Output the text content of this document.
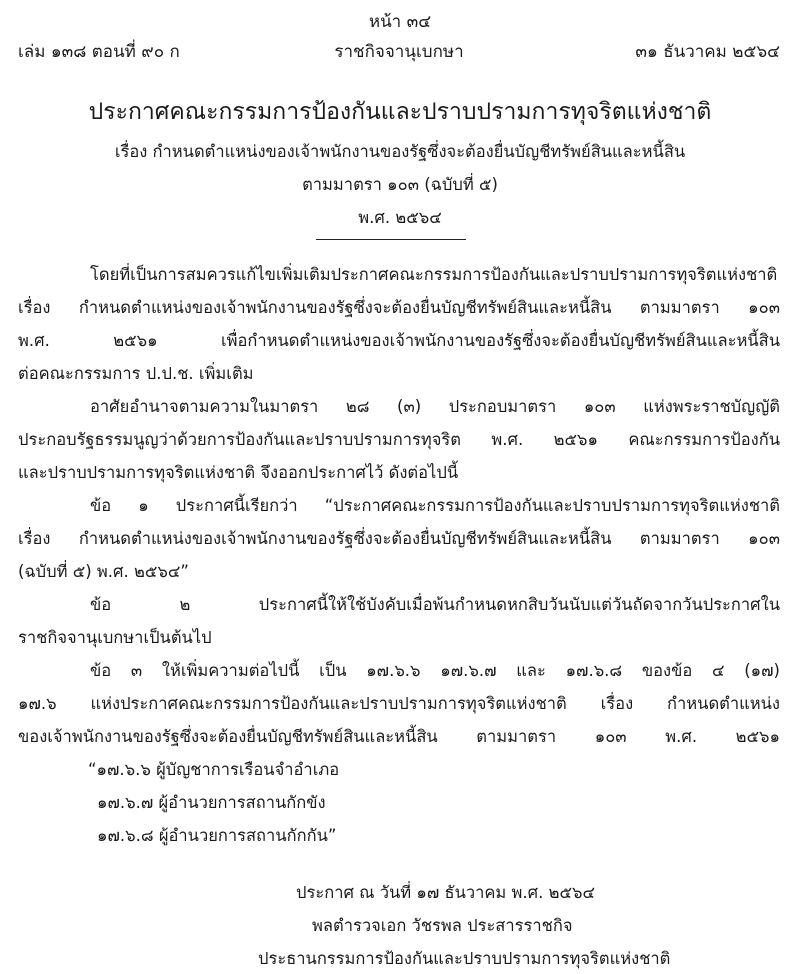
หน้า ๓๔
เล่ม ๑๓๘ ตอนที่ ๙๐ ก	ราชกิจจานุเบกษา	๓๑ ธันวาคม ๒๕๖๔
ประกาศคณะกรรมการป้องกันและปราบปรามการทุจริตแห่งชาติ
เรื่อง กำหนดตำแหน่งของเจ้าพนักงานของรัฐซึ่งจะต้องยื่นบัญชีทรัพย์สินและหนี้สิน
ตามมาตรา ๑๐๓ (ฉบับที่ ๕)
พ.ศ. ๒๕๖๔
โดยที่เป็นการสมควรแก้ไขเพิ่มเติมประกาศคณะกรรมการป้องกันและปราบปรามการทุจริตแห่งชาติ
เรื่อง กำหนดตำแหน่งของเจ้าพนักงานของรัฐซึ่งจะต้องยื่นบัญชีทรัพย์สินและหนี้สิน ตามมาตรา ๑๐๓
พ.ศ. ๒๕๖๑ เพื่อกำหนดตำแหน่งของเจ้าพนักงานของรัฐซึ่งจะต้องยื่นบัญชีทรัพย์สินและหนี้สิน
ต่อคณะกรรมการ ป.ป.ช. เพิ่มเติม
อาศัยอำนาจตามความในมาตรา ๒๘ (๓) ประกอบมาตรา ๑๐๓ แห่งพระราชบัญญัติ
ประกอบรัฐธรรมนูญว่าด้วยการป้องกันและปราบปรามการทุจริต พ.ศ. ๒๕๖๑ คณะกรรมการป้องกัน
และปราบปรามการทุจริตแห่งชาติ จึงออกประกาศไว้ ดังต่อไปนี้
ข้อ ๑ ประกาศนี้เรียกว่า “ประกาศคณะกรรมการป้องกันและปราบปรามการทุจริตแห่งชาติ
เรื่อง กำหนดตำแหน่งของเจ้าพนักงานของรัฐซึ่งจะต้องยื่นบัญชีทรัพย์สินและหนี้สิน ตามมาตรา ๑๐๓
(ฉบับที่ ๕) พ.ศ. ๒๕๖๔”
ข้อ ๒ ประกาศนี้ให้ใช้บังคับเมื่อพ้นกำหนดหกสิบวันนับแต่วันถัดจากวันประกาศใน
ราชกิจจานุเบกษาเป็นต้นไป
ข้อ ๓ ให้เพิ่มความต่อไปนี้ เป็น ๑๗.๖.๖ ๑๗.๖.๗ และ ๑๗.๖.๘ ของข้อ ๔ (๑๗)
๑๗.๖ แห่งประกาศคณะกรรมการป้องกันและปราบปรามการทุจริตแห่งชาติ เรื่อง กำหนดตำแหน่ง
ของเจ้าพนักงานของรัฐซึ่งจะต้องยื่นบัญชีทรัพย์สินและหนี้สิน ตามมาตรา ๑๐๓ พ.ศ. ๒๕๖๑
“๑๗.๖.๖ ผู้บัญชาการเรือนจำอำเภอ
๑๗.๖.๗ ผู้อำนวยการสถานกักขัง
๑๗.๖.๘ ผู้อำนวยการสถานกักกัน”
ประกาศ ณ วันที่ ๑๗ ธันวาคม พ.ศ. ๒๕๖๔
พลตำรวจเอก วัชรพล ประสารราชกิจ
ประธานกรรมการป้องกันและปราบปรามการทุจริตแห่งชาติ
